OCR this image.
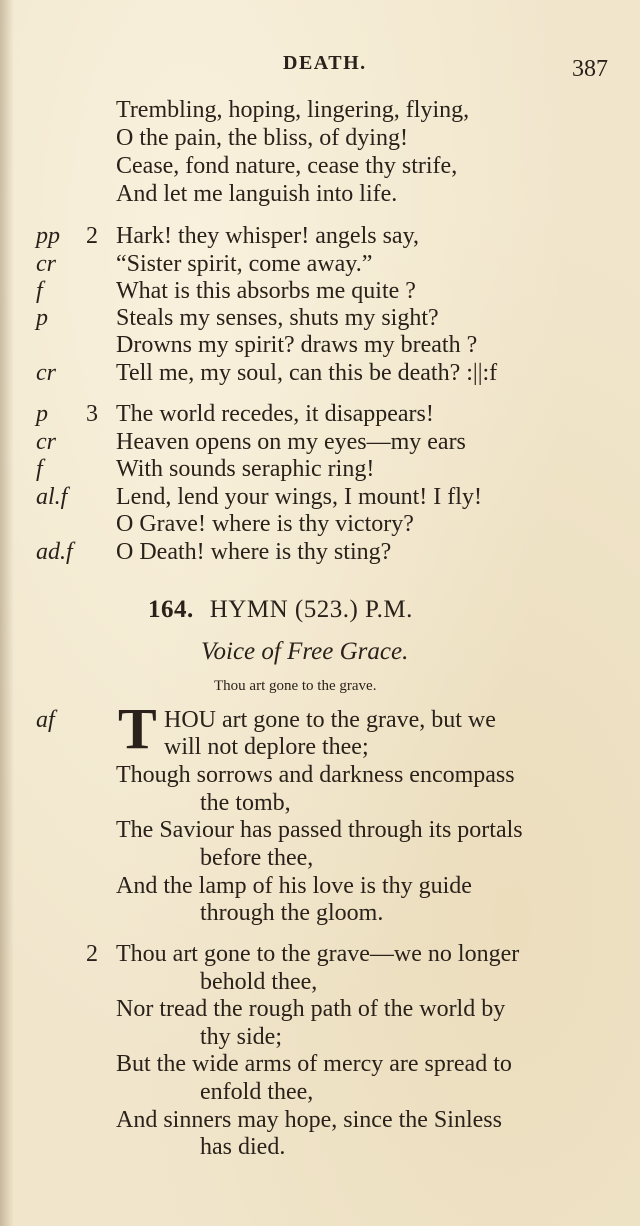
DEATH.	387
Trembling, hoping, lingering, flying,
O the pain, the bliss, of dying!
Cease, fond nature, cease thy strife,
And let me languish into life.
pp 2 Hark! they whisper! angels say,
cr	“Sister spirit, come away.”
f	What is this absorbs me quite ?
p	Steals my senses, shuts my sight?
Drowns my spirit? draws my breath ?
cr	Tell me, my soul, can this be death? :||:f
p 3 The world recedes, it disappears!
cr	Heaven opens on my eyes—my ears
f	With sounds seraphic ring!
al.f Lend, lend your wings, I mount! I fly!
O Grave! where is thy victory?
ad.f O Death! where is thy sting?
164. HYMN (523.) P.M.
Voice of Free Grace.
Thou art gone to the grave.
af T HOU art gone to the grave, but we
will not deplore thee;
Though sorrows and darkness encompass
the tomb,
The Saviour has passed through its portals
before thee,
And the lamp of his love is thy guide
through the gloom.
2 Thou art gone to the grave—we no longer
behold thee,
Nor tread the rough path of the world by
thy side;
But the wide arms of mercy are spread to
enfold thee,
And sinners may hope, since the Sinless
has died.
